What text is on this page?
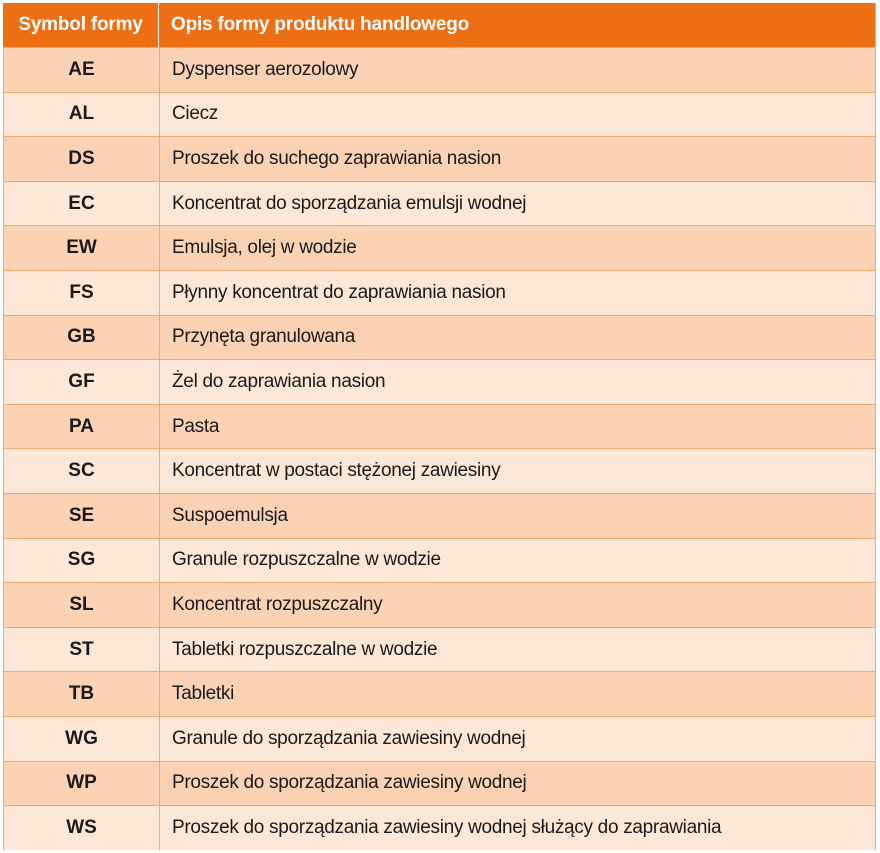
Symbol formy	Opis formy produktu handlowego
AE	Dyspenser aerozolowy
AL	Ciecz
DS	Proszek do suchego zaprawiania nasion
EC	Koncentrat do sporządzania emulsji wodnej
EW	Emulsja, olej w wodzie
FS	Płynny koncentrat do zaprawiania nasion
GB	Przynęta granulowana
GF	Żel do zaprawiania nasion
PA	Pasta
SC	Koncentrat w postaci stężonej zawiesiny
SE	Suspoemulsja
SG	Granule rozpuszczalne w wodzie
SL	Koncentrat rozpuszczalny
ST	Tabletki rozpuszczalne w wodzie
TB	Tabletki
WG	Granule do sporządzania zawiesiny wodnej
WP	Proszek do sporządzania zawiesiny wodnej
WS	Proszek do sporządzania zawiesiny wodnej służący do zaprawiania
